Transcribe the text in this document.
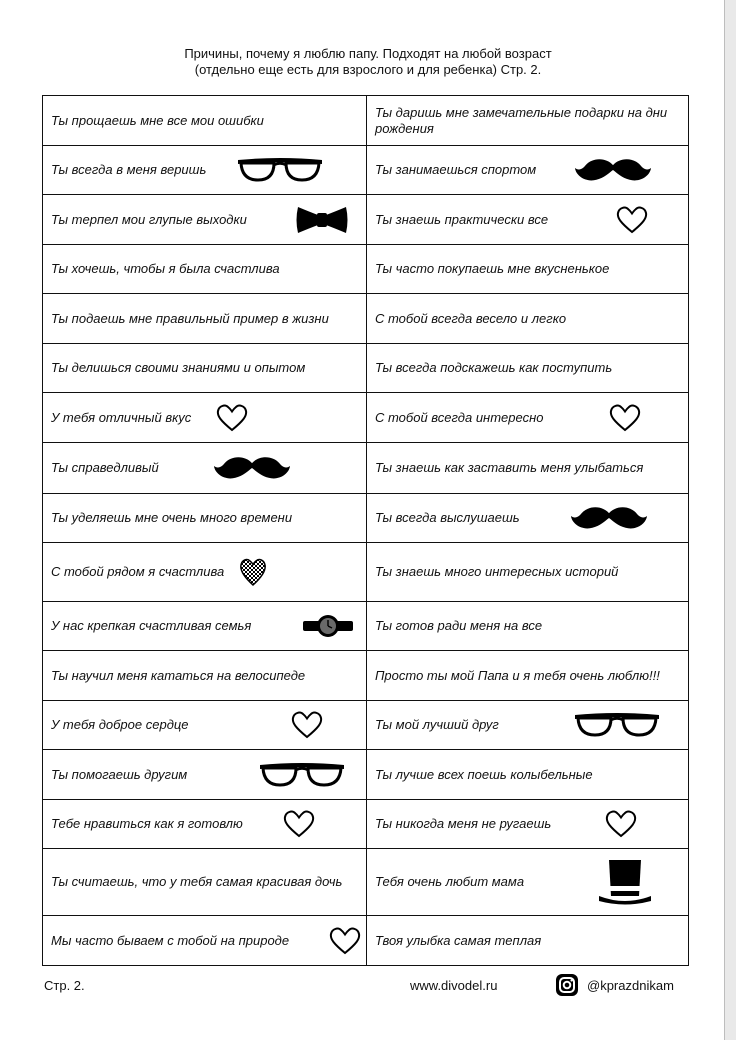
Причины, почему я люблю папу. Подходят на любой возраст
(отдельно еще есть для взрослого и для ребенка) Стр. 2.
Ты прощаешь мне все мои ошибки	Ты даришь мне замечательные подарки на дни рождения
Ты всегда в меня веришь	Ты занимаешься спортом

Ты терпел мои глупые выходки	Ты знаешь практически все

Ты хочешь, чтобы я была счастлива	Ты часто покупаешь мне вкусненькое
Ты подаешь мне правильный пример в жизни	С тобой всегда весело и легко
Ты делишься своими знаниями и опытом	Ты всегда подскажешь как поступить
У тебя отличный вкус	С тобой всегда интересно

Ты справедливый	Ты знаешь как заставить меня улыбаться
Ты уделяешь мне очень много времени	Ты всегда выслушаешь

С тобой рядом я счастлива	Ты знаешь много интересных историй
У нас крепкая счастливая семья	Ты готов ради меня на все
Ты научил меня кататься на велосипеде	Просто ты мой Папа и я тебя очень люблю!!!
У тебя доброе сердце	Ты мой лучший друг

Ты помогаешь другим	Ты лучше всех поешь колыбельные
Тебе нравиться как я готовлю	Ты никогда меня не ругаешь

Ты считаешь, что у тебя самая красивая дочь	Тебя очень любит мама

Мы часто бываем с тобой на природе	Твоя улыбка самая теплая
Стр. 2.	www.divodel.ru	@kprazdnikam
